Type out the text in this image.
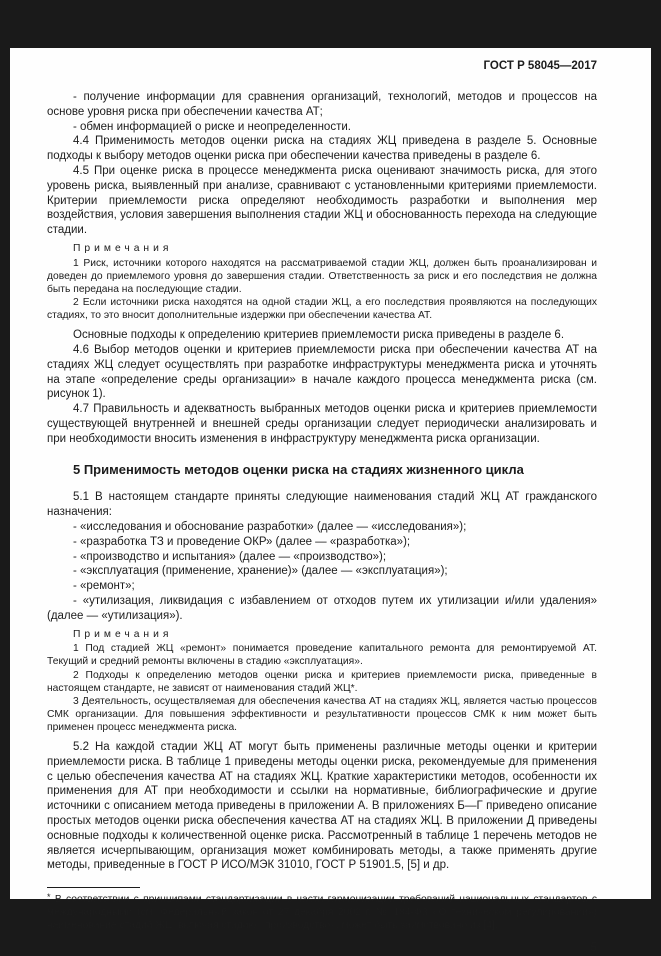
ГОСТ Р 58045—2017

- получение информации для сравнения организаций, технологий, методов и процессов на основе уровня риска при обеспечении качества АТ;

- обмен информацией о риске и неопределенности.

4.4 Применимость методов оценки риска на стадиях ЖЦ приведена в разделе 5. Основные подходы к выбору методов оценки риска при обеспечении качества приведены в разделе 6.

4.5 При оценке риска в процессе менеджмента риска оценивают значимость риска, для этого уровень риска, выявленный при анализе, сравнивают с установленными критериями приемлемости. Критерии приемлемости риска определяют необходимость разработки и выполнения мер воздействия, условия завершения выполнения стадии ЖЦ и обоснованность перехода на следующие стадии.

Примечания

1 Риск, источники которого находятся на рассматриваемой стадии ЖЦ, должен быть проанализирован и доведен до приемлемого уровня до завершения стадии. Ответственность за риск и его последствия не должна быть передана на последующие стадии.

2 Если источники риска находятся на одной стадии ЖЦ, а его последствия проявляются на последующих стадиях, то это вносит дополнительные издержки при обеспечении качества АТ.

Основные подходы к определению критериев приемлемости риска приведены в разделе 6.

4.6 Выбор методов оценки и критериев приемлемости риска при обеспечении качества АТ на стадиях ЖЦ следует осуществлять при разработке инфраструктуры менеджмента риска и уточнять на этапе «определение среды организации» в начале каждого процесса менеджмента риска (см. рисунок 1).

4.7 Правильность и адекватность выбранных методов оценки риска и критериев приемлемости существующей внутренней и внешней среды организации следует периодически анализировать и при необходимости вносить изменения в инфраструктуру менеджмента риска организации.

5 Применимость методов оценки риска на стадиях жизненного цикла

5.1 В настоящем стандарте приняты следующие наименования стадий ЖЦ АТ гражданского назначения:

- «исследования и обоснование разработки» (далее — «исследования»);

- «разработка ТЗ и проведение ОКР» (далее — «разработка»);

- «производство и испытания» (далее — «производство»);

- «эксплуатация (применение, хранение)» (далее — «эксплуатация»);

- «ремонт»;

- «утилизация, ликвидация с избавлением от отходов путем их утилизации и/или удаления» (далее — «утилизация»).

Примечания

1 Под стадией ЖЦ «ремонт» понимается проведение капитального ремонта для ремонтируемой АТ. Текущий и средний ремонты включены в стадию «эксплуатация».

2 Подходы к определению методов оценки риска и критериев приемлемости риска, приведенные в настоящем стандарте, не зависят от наименования стадий ЖЦ*.

3 Деятельность, осуществляемая для обеспечения качества АТ на стадиях ЖЦ, является частью процессов СМК организации. Для повышения эффективности и результативности процессов СМК к ним может быть применен процесс менеджмента риска.

5.2 На каждой стадии ЖЦ АТ могут быть применены различные методы оценки и критерии приемлемости риска. В таблице 1 приведены методы оценки риска, рекомендуемые для применения с целью обеспечения качества АТ на стадиях ЖЦ. Краткие характеристики методов, особенности их применения для АТ при необходимости и ссылки на нормативные, библиографические и другие источники с описанием метода приведены в приложении А. В приложениях Б—Г приведено описание простых методов оценки риска обеспечения качества АТ на стадиях ЖЦ. В приложении Д приведены основные подходы к количественной оценке риска. Рассмотренный в таблице 1 перечень методов не является исчерпывающим, организация может комбинировать методы, а также применять другие методы, приведенные в ГОСТ Р ИСО/МЭК 31010, ГОСТ Р 51901.5, [5] и др.

* В соответствии с принципами стандартизации в части гармонизации требований национальных стандартов с международными (см. Федеральный закон от 27 декабря 2002 г. № 184-ФЗ «О техническом регулировании») наименование стадий ЖЦ, включая стадию «производство», может быть заимствовано из [4].

5
